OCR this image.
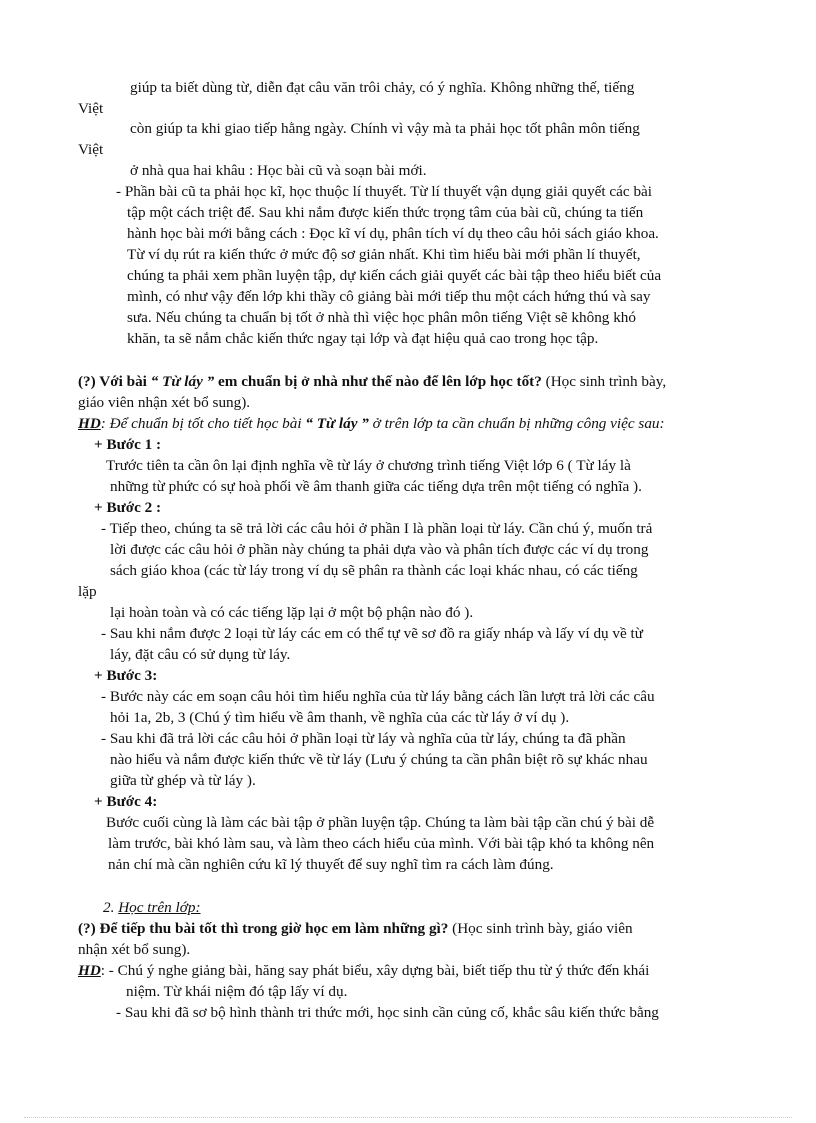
giúp ta biết dùng từ, diễn đạt câu văn trôi chảy, có ý nghĩa. Không những thế, tiếng
Việt
còn giúp ta khi giao tiếp hằng ngày. Chính vì vậy mà ta phải học tốt phân môn tiếng
Việt
ở nhà qua hai khâu : Học bài cũ và soạn bài mới.
- Phần bài cũ ta phải học kĩ, học thuộc lí thuyết. Từ lí thuyết vận dụng giải quyết các bài
tập một cách triệt để. Sau khi nắm được kiến thức trọng tâm của bài cũ, chúng ta tiến
hành học bài mới bằng cách : Đọc kĩ ví dụ, phân tích ví dụ theo câu hỏi sách giáo khoa.
Từ ví dụ rút ra kiến thức ở mức độ sơ giản nhất. Khi tìm hiểu bài mới phần lí thuyết,
chúng ta phải xem phần luyện tập, dự kiến cách giải quyết các bài tập theo hiểu biết của
mình, có như vậy đến lớp khi thầy cô giảng bài mới tiếp thu một cách hứng thú và say
sưa. Nếu chúng ta chuẩn bị tốt ở nhà thì việc học phân môn tiếng Việt sẽ không khó
khăn, ta sẽ nắm chắc kiến thức ngay tại lớp và đạt hiệu quả cao trong học tập.
(?) Với bài “ Từ láy ” em chuẩn bị ở nhà như thế nào để lên lớp học tốt? (Học sinh trình bày,
giáo viên nhận xét bổ sung).
HD: Để chuẩn bị tốt cho tiết học bài “ Từ láy ” ở trên lớp ta cần chuẩn bị những công việc sau:
+ Bước 1 :
Trước tiên ta cần ôn lại định nghĩa về từ láy ở chương trình tiếng Việt lớp 6 ( Từ láy là
những từ phức có sự hoà phối về âm thanh giữa các tiếng dựa trên một tiếng có nghĩa ).
+ Bước 2 :
- Tiếp theo, chúng ta sẽ trả lời các câu hỏi ở phần I là phần loại từ láy. Cần chú ý, muốn trả
lời được các câu hỏi ở phần này chúng ta phải dựa vào và phân tích được các ví dụ trong
sách giáo khoa (các từ láy trong ví dụ sẽ phân ra thành các loại khác nhau, có các tiếng
lặp
lại hoàn toàn và có các tiếng lặp lại ở một bộ phận nào đó ).
- Sau khi nắm được 2 loại từ láy các em có thể tự vẽ sơ đồ ra giấy nháp và lấy ví dụ về từ
láy, đặt câu có sử dụng từ láy.
+ Bước 3:
- Bước này các em soạn câu hỏi tìm hiểu nghĩa của từ láy bằng cách lần lượt trả lời các câu
hỏi 1a, 2b, 3 (Chú ý tìm hiểu về âm thanh, về nghĩa của các từ láy ở ví dụ ).
- Sau khi đã trả lời các câu hỏi ở phần loại từ láy và nghĩa của từ láy, chúng ta đã phần
nào hiểu và nắm được kiến thức về từ láy (Lưu ý chúng ta cần phân biệt rõ sự khác nhau
giữa từ ghép và từ láy ).
+ Bước 4:
Bước cuối cùng là làm các bài tập ở phần luyện tập. Chúng ta làm bài tập cần chú ý bài dễ
làm trước, bài khó làm sau, và làm theo cách hiểu của mình. Với bài tập khó ta không nên
nản chí mà cần nghiên cứu kĩ lý thuyết để suy nghĩ tìm ra cách làm đúng.
2. Học trên lớp:
(?) Để tiếp thu bài tốt thì trong giờ học em làm những gì? (Học sinh trình bày, giáo viên
nhận xét bổ sung).
HD: - Chú ý nghe giảng bài, hăng say phát biểu, xây dựng bài, biết tiếp thu từ ý thức đến khái
niệm. Từ khái niệm đó tập lấy ví dụ.
- Sau khi đã sơ bộ hình thành tri thức mới, học sinh cần củng cố, khắc sâu kiến thức bằng
